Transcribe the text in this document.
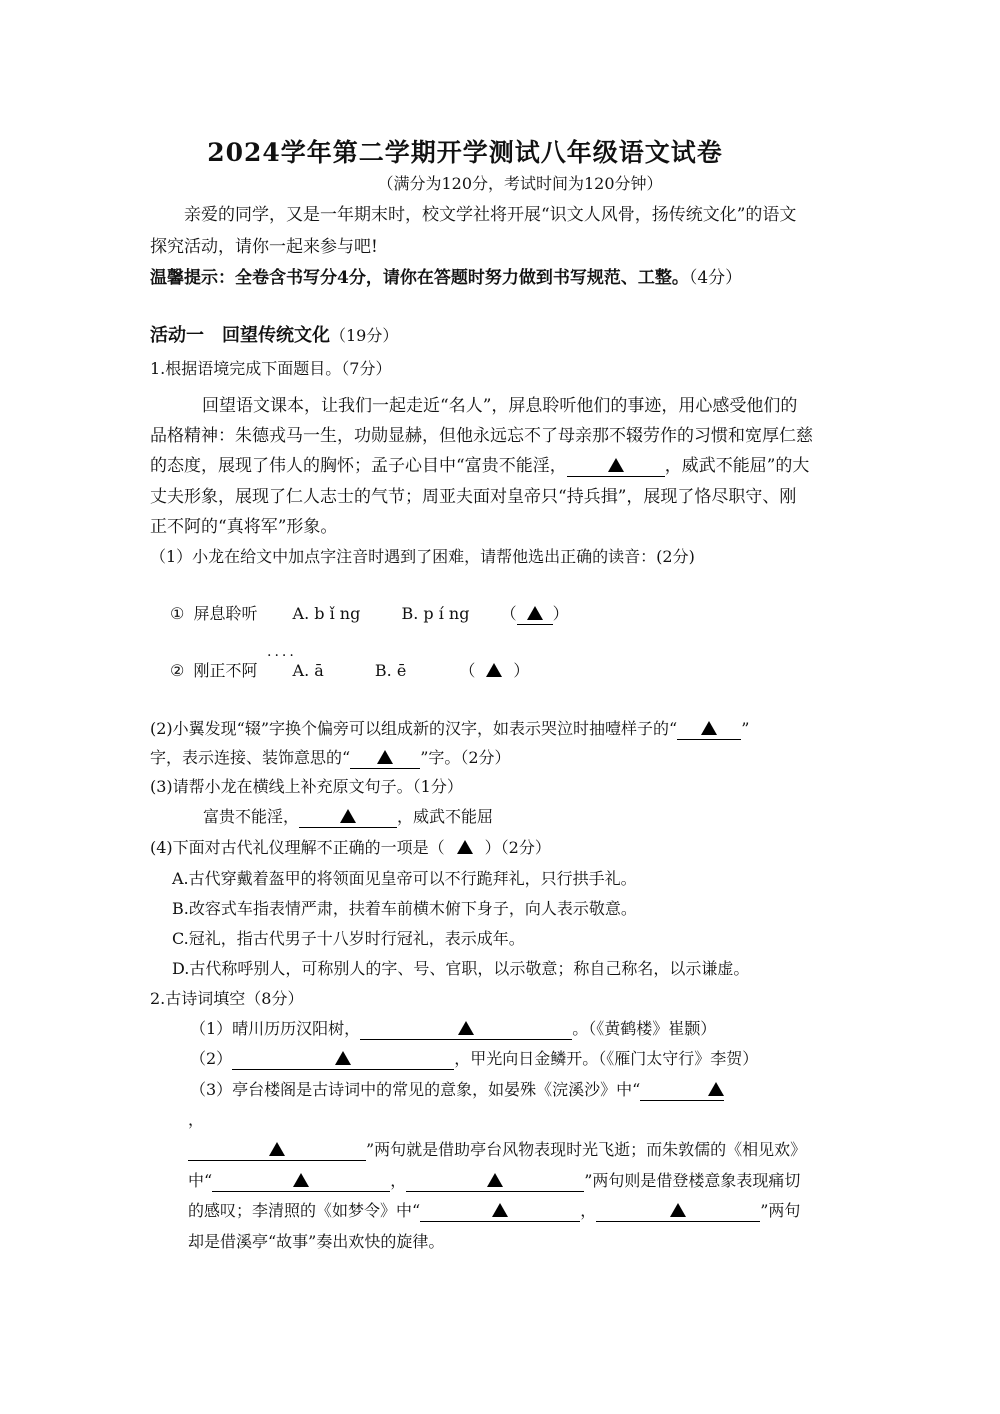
2024学年第二学期开学测试八年级语文试卷
（满分为120分，考试时间为120分钟）
亲爱的同学，又是一年期末时，校文学社将开展“识文人风骨，扬传统文化”的语文
探究活动，请你一起来参与吧!
温馨提示：全卷含书写分4分，请你在答题时努力做到书写规范、工整。（4分）
活动一　回望传统文化（19分）
1.根据语境完成下面题目。（7分）
回望语文课本，让我们一起走近“名人”，屏息聆听他们的事迹，用心感受他们的
品格精神：朱德戎马一生，功勋显赫，但他永远忘不了母亲那不辍劳作的习惯和宽厚仁慈
的态度，展现了伟人的胸怀；孟子心目中“富贵不能淫，	，威武不能屈”的大
丈夫形象，展现了仁人志士的气节；周亚夫面对皇帝只“持兵揖”，展现了恪尽职守、刚
正不阿的“真将军”形象。
（1）小龙在给文中加点字注音时遇到了困难，请帮他选出正确的读音：(2分)
① 屏息聆听 A. b ǐ ng	B. p í ng （ ）
....
② 刚正不阿 A. ā	B. ē	（ ）
(2)小翼发现“辍”字换个偏旁可以组成新的汉字，如表示哭泣时抽噎样子的“	”
字，表示连接、装饰意思的“	”字。（2分）
(3)请帮小龙在横线上补充原文句子。（1分）
富贵不能淫，	，威武不能屈
(4)下面对古代礼仪理解不正确的一项是（	）（2分）
A.古代穿戴着盔甲的将领面见皇帝可以不行跪拜礼，只行拱手礼。
B.改容式车指表情严肃，扶着车前横木俯下身子，向人表示敬意。
C.冠礼，指古代男子十八岁时行冠礼，表示成年。
D.古代称呼别人，可称别人的字、号、官职，以示敬意；称自己称名，以示谦虚。
2.古诗词填空（8分）
（1）晴川历历汉阳树，	。（《黄鹤楼》崔颢）
（2）	，甲光向日金鳞开。（《雁门太守行》李贺）
（3）亭台楼阁是古诗词中的常见的意象，如晏殊《浣溪沙》中“
，
”两句就是借助亭台风物表现时光飞逝；而朱敦儒的《相见欢》
中“	，	”两句则是借登楼意象表现痛切
的感叹；李清照的《如梦令》中“	，	”两句
却是借溪亭“故事”奏出欢快的旋律。
